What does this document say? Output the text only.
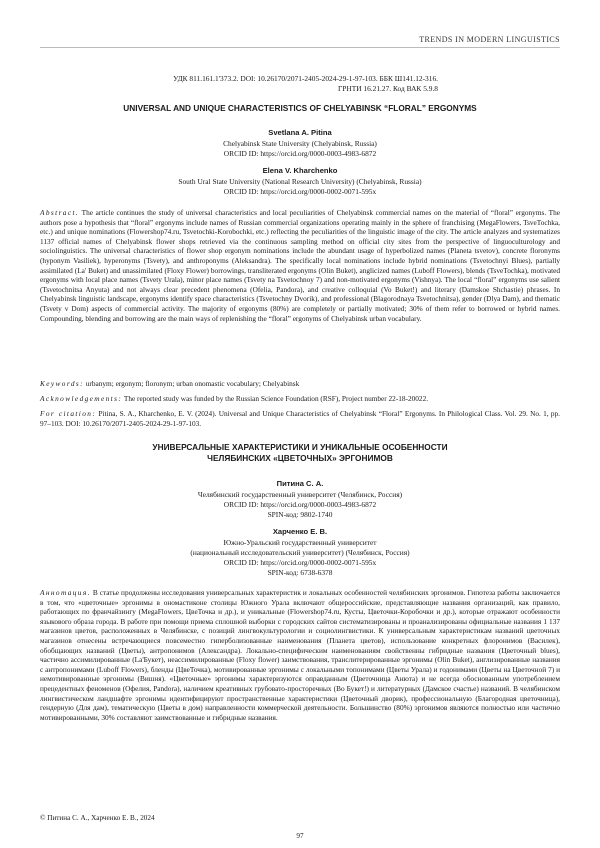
TRENDS IN MODERN LINGUISTICS
УДК 811.161.1'373.2. DOI: 10.26170/2071-2405-2024-29-1-97-103. ББК Ш141.12-316.
ГРНТИ 16.21.27. Код ВАК 5.9.8
UNIVERSAL AND UNIQUE CHARACTERISTICS OF CHELYABINSK “FLORAL” ERGONYMS
Svetlana A. Pitina
Chelyabinsk State University (Chelyabinsk, Russia)
ORCID ID: https://orcid.org/0000-0003-4983-6872
Elena V. Kharchenko
South Ural State University (National Research University) (Chelyabinsk, Russia)
ORCID ID: https://orcid.org/0000-0002-0071-595x
Abstract. The article continues the study of universal characteristics and local peculiarities of Chelyabinsk commercial names on the material of “floral” ergonyms. The authors pose a hypothesis that “floral” ergonyms include names of Russian commercial organizations operating mainly in the sphere of franchising (MegaFlowers, TsveTochka, etc.) and unique nominations (Flowershop74.ru, Tsvetochki-Korobochki, etc.) reflecting the peculiarities of the linguistic image of the city. The article analyzes and systematizes 1137 official names of Chelyabinsk flower shops retrieved via the continuous sampling method on official city sites from the perspective of linguoculturology and sociolinguistics. The universal characteristics of flower shop ergonym nominations include the abundant usage of hyperbolized names (Planeta tsvetov), concrete floronyms (hyponym Vasiliek), hyperonyms (Tsvety), and anthroponyms (Aleksandra). The specifically local nominations include hybrid nominations (Tsvetochnyi Blues), partially assimilated (La' Buket) and unassimilated (Floxy Flower) borrowings, transliterated ergonyms (Olin Buket), anglicized names (Luboff Flowers), blends (TsveTochka), motivated ergonyms with local place names (Tsvety Urala), minor place names (Tsvety na Tsvetochnoy 7) and non-motivated ergonyms (Vishnya). The local “floral” ergonyms use salient (Tsvetochnitsa Anyuta) and not always clear precedent phenomena (Ofelia, Pandora), and creative colloquial (Vo Buket!) and literary (Damskoe Shchastie) phrases. In Chelyabinsk linguistic landscape, ergonyms identify space characteristics (Tsvetochny Dvorik), and professional (Blagorodnaya Tsvetochnitsa), gender (Dlya Dam), and thematic (Tsvety v Dom) aspects of commercial activity. The majority of ergonyms (80%) are completely or partially motivated; 30% of them refer to borrowed or hybrid names. Compounding, blending and borrowing are the main ways of replenishing the “floral” ergonyms of Chelyabinsk urban vocabulary.
Keywords: urbanym; ergonym; floronym; urban onomastic vocabulary; Chelyabinsk
Acknowledgements: The reported study was funded by the Russian Science Foundation (RSF), Project number 22-18-20022.
For citation: Pitina, S. A., Kharchenko, E. V. (2024). Universal and Unique Characteristics of Chelyabinsk “Floral” Ergonyms. In Philological Class. Vol. 29. No. 1, pp. 97–103. DOI: 10.26170/2071-2405-2024-29-1-97-103.
УНИВЕРСАЛЬНЫЕ ХАРАКТЕРИСТИКИ И УНИКАЛЬНЫЕ ОСОБЕННОСТИ
ЧЕЛЯБИНСКИХ «ЦВЕТОЧНЫХ» ЭРГОНИМОВ
Питина С. А.
Челябинский государственный университет (Челябинск, Россия)
ORCID ID: https://orcid.org/0000-0003-4983-6872
SPIN-код: 9802-1740
Харченко Е. В.
Южно-Уральский государственный университет
(национальный исследовательский университет) (Челябинск, Россия)
ORCID ID: https://orcid.org/0000-0002-0071-595x
SPIN-код: 6738-6378
Аннотация. В статье продолжены исследования универсальных характеристик и локальных особенностей челябинских эргонимов. Гипотеза работы заключается в том, что «цветочные» эргонимы в ономастиконе столицы Южного Урала включают общероссийские, представляющие названия организаций, как правило, работающих по франчайзингу (MegaFlowers, ЦвеТочка и др.), и уникальные (Flowershop74.ru, Кусты, Цветочки-Коробочки и др.), которые отражают особенности языкового образа города. В работе при помощи приема сплошной выборки с городских сайтов систематизированы и проанализированы официальные названия 1 137 магазинов цветов, расположенных в Челябинске, с позиций лингвокультурологии и социолингвистики. К универсальным характеристикам названий цветочных магазинов отнесены встречающиеся повсеместно гиперболизованные наименования (Планета цветов), использование конкретных флоронимов (Василек), обобщающих названий (Цветы), антропонимов (Александра). Локально-специфическим наименованиям свойственны гибридные названия (Цветочный blues), частично ассимилированные (La'Букет), неассимилированные (Floxy flower) заимствования, транслитерированные эргонимы (Olin Buket), англизированные названия с антропонимами (Luboff Flowers), бленды (ЦвеТочка), мотивированные эргонимы с локальными топонимами (Цветы Урала) и годонимами (Цветы на Цветочной 7) и немотивированные эргонимы (Вишня). «Цветочные» эргонимы характеризуются оправданным (Цветочница Анюта) и не всегда обоснованным употреблением прецедентных феноменов (Офелия, Pandora), наличием креативных грубовато-просторечных (Во Букет!) и литературных (Дамское счастье) названий. В челябинском лингвистическом ландшафте эргонимы идентифицируют пространственные характеристики (Цветочный дворик), профессиональную (Благородная цветочница), гендерную (Для дам), тематическую (Цветы в дом) направленности коммерческой деятельности. Большинство (80%) эргонимов являются полностью или частично мотивированными, 30% составляют заимствованные и гибридные названия.
© Питина С. А., Харченко Е. В., 2024
97
